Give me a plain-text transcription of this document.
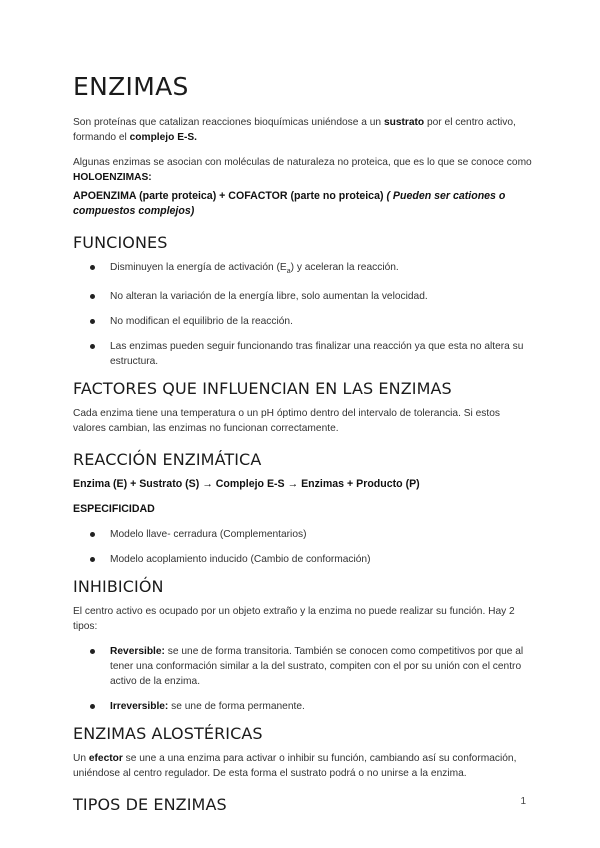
ENZIMAS

Son proteínas que catalizan reacciones bioquímicas uniéndose a un sustrato por el centro activo, formando el complejo E-S.

Algunas enzimas se asocian con moléculas de naturaleza no proteica, que es lo que se conoce como HOLOENZIMAS:

APOENZIMA (parte proteica) + COFACTOR (parte no proteica) ( Pueden ser cationes o compuestos complejos)

FUNCIONES
Disminuyen la energía de activación $(E_a)$ y aceleran la reacción.
No alteran la variación de la energía libre, solo aumentan la velocidad.
No modifican el equilibrio de la reacción.
Las enzimas pueden seguir funcionando tras finalizar una reacción ya que esta no altera su estructura.
FACTORES QUE INFLUENCIAN EN LAS ENZIMAS

Cada enzima tiene una temperatura o un pH óptimo dentro del intervalo de tolerancia. Si estos valores cambian, las enzimas no funcionan correctamente.

REACCIÓN ENZIMÁTICA

Enzima (E) + Sustrato (S) → Complejo E-S → Enzimas + Producto (P)

ESPECIFICIDAD

Modelo llave- cerradura (Complementarios)
Modelo acoplamiento inducido (Cambio de conformación)
INHIBICIÓN

El centro activo es ocupado por un objeto extraño y la enzima no puede realizar su función. Hay 2 tipos:

Reversible: se une de forma transitoria. También se conocen como competitivos por que al tener una conformación similar a la del sustrato, compiten con el por su unión con el centro activo de la enzima.
Irreversible: se une de forma permanente.
ENZIMAS ALOSTÉRICAS

Un efector se une a una enzima para activar o inhibir su función, cambiando así su conformación, uniéndose al centro regulador. De esta forma el sustrato podrá o no unirse a la enzima.

TIPOS DE ENZIMAS	1
